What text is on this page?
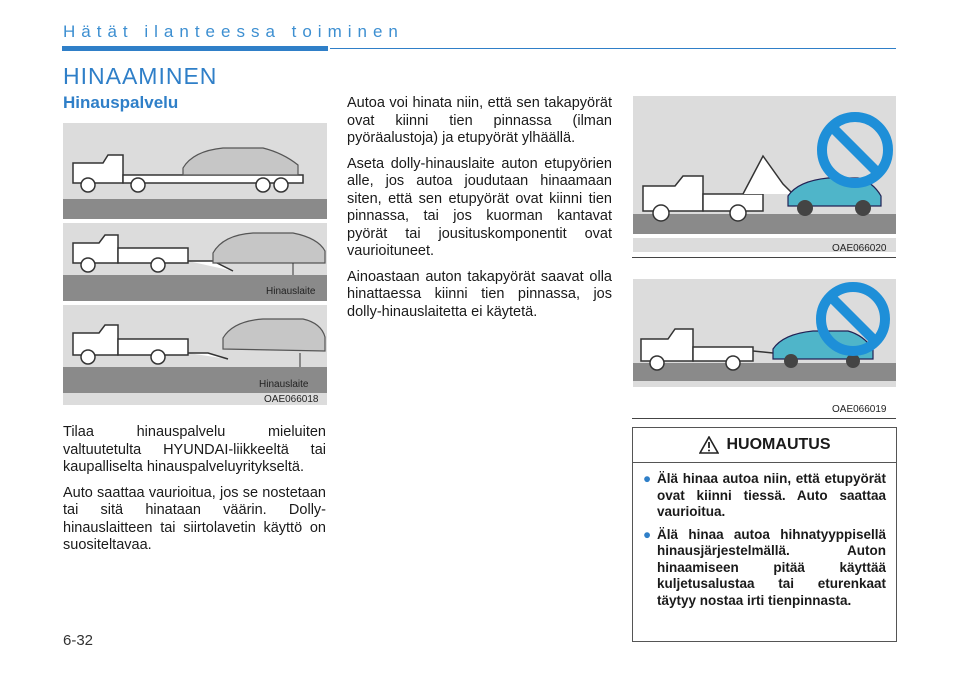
Hätät ilanteessa toiminen
HINAAMINEN
Hinauspalvelu
Hinauslaite
Hinauslaite
OAE066018

Tilaa hinauspalvelu mieluiten valtuutetulta HYUNDAI-liikkeeltä tai kaupalliselta hinauspalveluyritykseltä.

Auto saattaa vaurioitua, jos se nostetaan tai sitä hinataan väärin. Dolly-hinauslaitteen tai siirtolavetin käyttö on suositeltavaa.

Autoa voi hinata niin, että sen takapyörät ovat kiinni tien pinnassa (ilman pyöräalustoja) ja etupyörät ylhäällä.

Aseta dolly-hinauslaite auton etupyörien alle, jos autoa joudutaan hinaamaan siten, että sen etupyörät ovat kiinni tien pinnassa, tai jos kuorman kantavat pyörät tai jousituskomponentit ovat vaurioituneet.

Ainoastaan auton takapyörät saavat olla hinattaessa kiinni tien pinnassa, jos dolly-hinauslaitetta ei käytetä.

OAE066020
OAE066019
HUOMAUTUS
● Älä hinaa autoa niin, että etupyörät ovat kiinni tiessä. Auto saattaa vaurioitua.
● Älä hinaa autoa hihnatyyppisellä hinausjärjestelmällä. Auton hinaamiseen pitää käyttää kuljetusalustaa tai eturenkaat täytyy nostaa irti tienpinnasta.
6-32
